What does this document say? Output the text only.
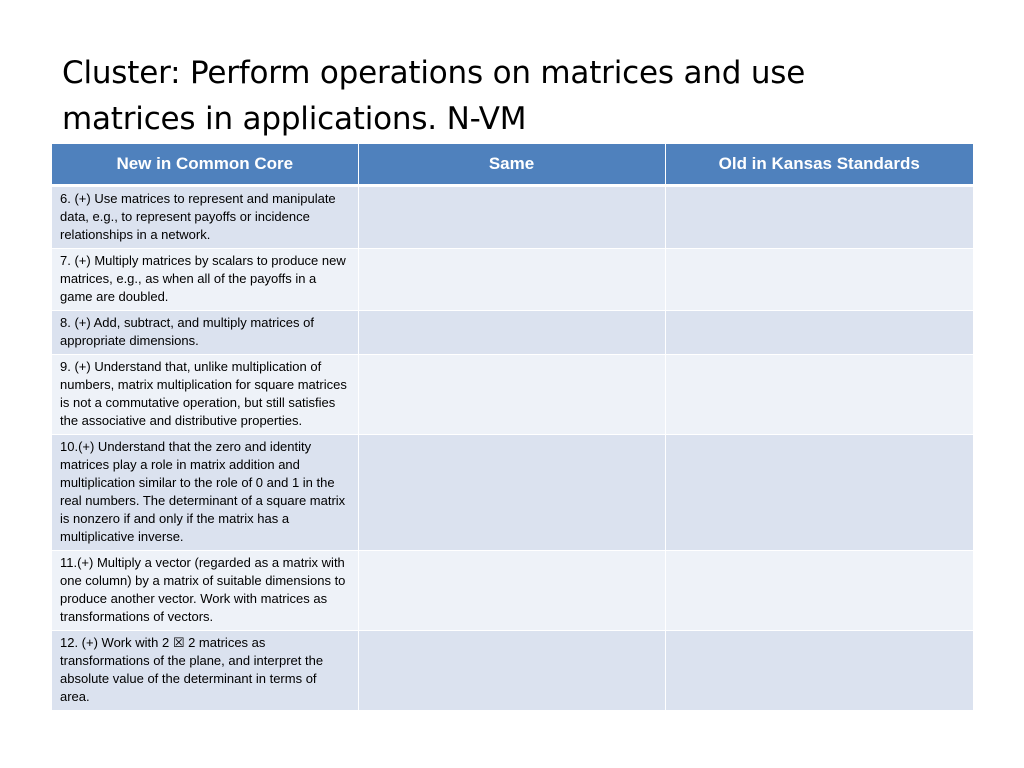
Cluster: Perform operations on matrices and use
matrices in applications. N-VM
New in Common Core	Same	Old in Kansas Standards
6. (+) Use matrices to represent and manipulate data, e.g., to represent payoffs or incidence relationships in a network.		
7. (+) Multiply matrices by scalars to produce new matrices, e.g., as when all of the payoffs in a game are doubled.		
8. (+) Add, subtract, and multiply matrices of appropriate dimensions.		
9. (+) Understand that, unlike multiplication of numbers, matrix multiplication for square matrices is not a commutative operation, but still satisfies the associative and distributive properties.		
10.(+) Understand that the zero and identity matrices play a role in matrix addition and multiplication similar to the role of 0 and 1 in the real numbers. The determinant of a square matrix is nonzero if and only if the matrix has a multiplicative inverse.		
11.(+) Multiply a vector (regarded as a matrix with one column) by a matrix of suitable dimensions to produce another vector. Work with matrices as transformations of vectors.		
12. (+) Work with 2 ☒ 2 matrices as transformations of the plane, and interpret the absolute value of the determinant in terms of area.		
